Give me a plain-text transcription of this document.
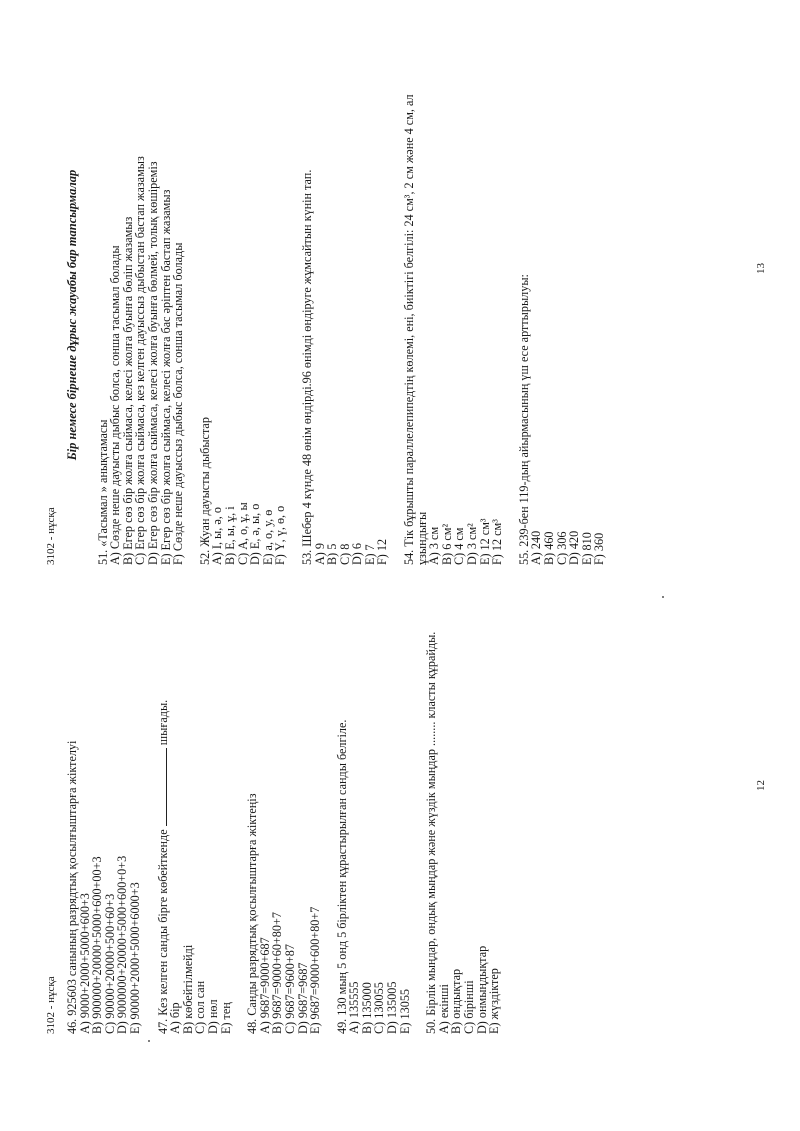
3102 - нұсқа 46. 925603 санының разрядтық қосылғыштарға жіктелуі
A) 9000+2000+5000+600+3
B) 900000+20000+5000+600+00+3
C) 90000+20000+500+60+3
D) 9000000+20000+5000+600+0+3
E) 90000+2000+5000+6000+3 47. Кез келген санды бірге көбейткенде  шығады.
A) бір
B) көбейтілмейді
C) сол сан
D) нөл
E) тең 48. Санды разрядтық қосылғыштарға жіктеңіз
A) 9687=9000+687
B) 9687=9000+60+80+7
C) 9687=9600+87
D) 9687=9687
E) 9687=9000+600+80+7 49. 130 мың 5 онд 5 бірліктен құрастырылған санды белгіле.
A) 135555
B) 135000
C) 130055
D) 135005
E) 13055 50. Бірлік мыңдар, ондық мыңдар және жүздік мыңдар ........ класты құрайды.
A) екінші
B) ондықтар
C) бірінші
D) онмыңдықтар
E) жүздіктер
12
3102 - нұсқа
Бір немесе бірнеше дұрыс жауабы бар тапсырмалар
51. «Тасымал » анықтамасы
A) Сөзде неше дауысты дыбыс болса, сонша тасымал болады
B) Егер сөз бір жолға сыймаса, келесі жолға буынға бөліп жазамыз
C) Егер сөз бір жолға сыймаса, кез келген дауыссыз дыбыстан бастап жазамыз
D) Егер сөз бір жолға сыймаса, келесі жолға буынға бөлмей, толық көшіреміз
E) Егер сөз бір жолға сыймаса, келесі жолға бас әріптен бастап жазамыз
F) Сөзде неше дауыссыз дыбыс болса, сонша тасымал болады 52. Жуан дауысты дыбыстар
A) І, ы, ә, о
B) Е, ы, ұ, і
C) А, о, ұ, ы
D) Е, ә, ы, о
E) а, о, у, ө
F) Ү, ү, ө, о 53. Шебер 4 күнде 48 өнім өндірді.96 өнімді өндіруге жұмсайтын күнін тап.
A) 9
B) 5
C) 8
D) 6
E) 7
F) 12 54. Тік бұрышты параллелепипедтің көлемі, ені, биіктігі белгілі: 24 см³, 2 см және 4 см, ал ұзындығы
A) 3 см
B) 6 см²
C) 4 см
D) 3 см²
E) 12 см³
F) 12 см³ 55. 239-бен 119-дың айырмасының үш есе арттырылуы:
A) 240
B) 460
C) 306
D) 420
E) 810
F) 360
13
